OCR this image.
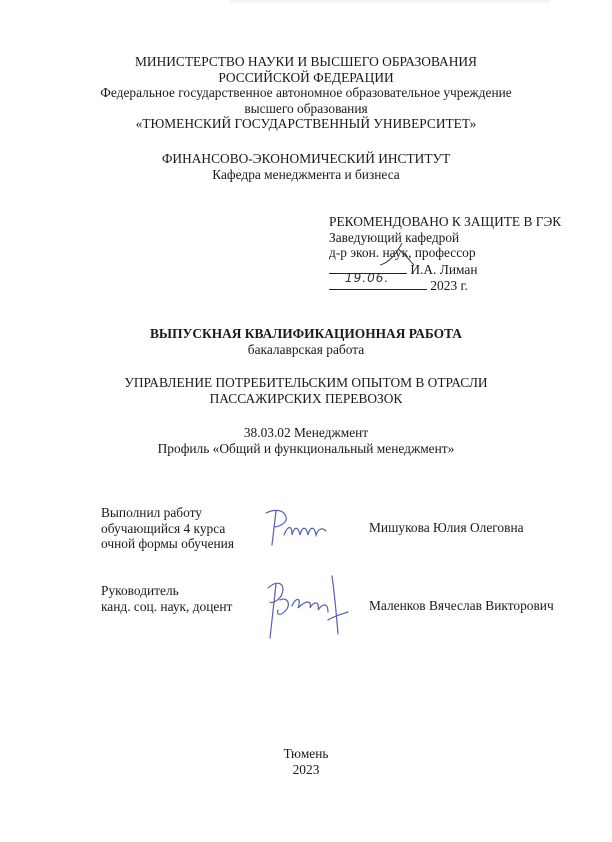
МИНИСТЕРСТВО НАУКИ И ВЫСШЕГО ОБРАЗОВАНИЯ
РОССИЙСКОЙ ФЕДЕРАЦИИ
Федеральное государственное автономное образовательное учреждение
высшего образования
«ТЮМЕНСКИЙ ГОСУДАРСТВЕННЫЙ УНИВЕРСИТЕТ»
ФИНАНСОВО-ЭКОНОМИЧЕСКИЙ ИНСТИТУТ
Кафедра менеджмента и бизнеса
РЕКОМЕНДОВАНО К ЗАЩИТЕ В ГЭК
Заведующий кафедрой
д-р экон. наук, профессор
И.А. Лиман
19.06.	2023 г.
ВЫПУСКНАЯ КВАЛИФИКАЦИОННАЯ РАБОТА
бакалаврская работа
УПРАВЛЕНИЕ ПОТРЕБИТЕЛЬСКИМ ОПЫТОМ В ОТРАСЛИ
ПАССАЖИРСКИХ ПЕРЕВОЗОК
38.03.02 Менеджмент
Профиль «Общий и функциональный менеджмент»
Выполнил работу
обучающийся 4 курса
очной формы обучения
Мишукова Юлия Олеговна
Руководитель
канд. соц. наук, доцент	Маленков Вячеслав Викторович
Тюмень
2023
